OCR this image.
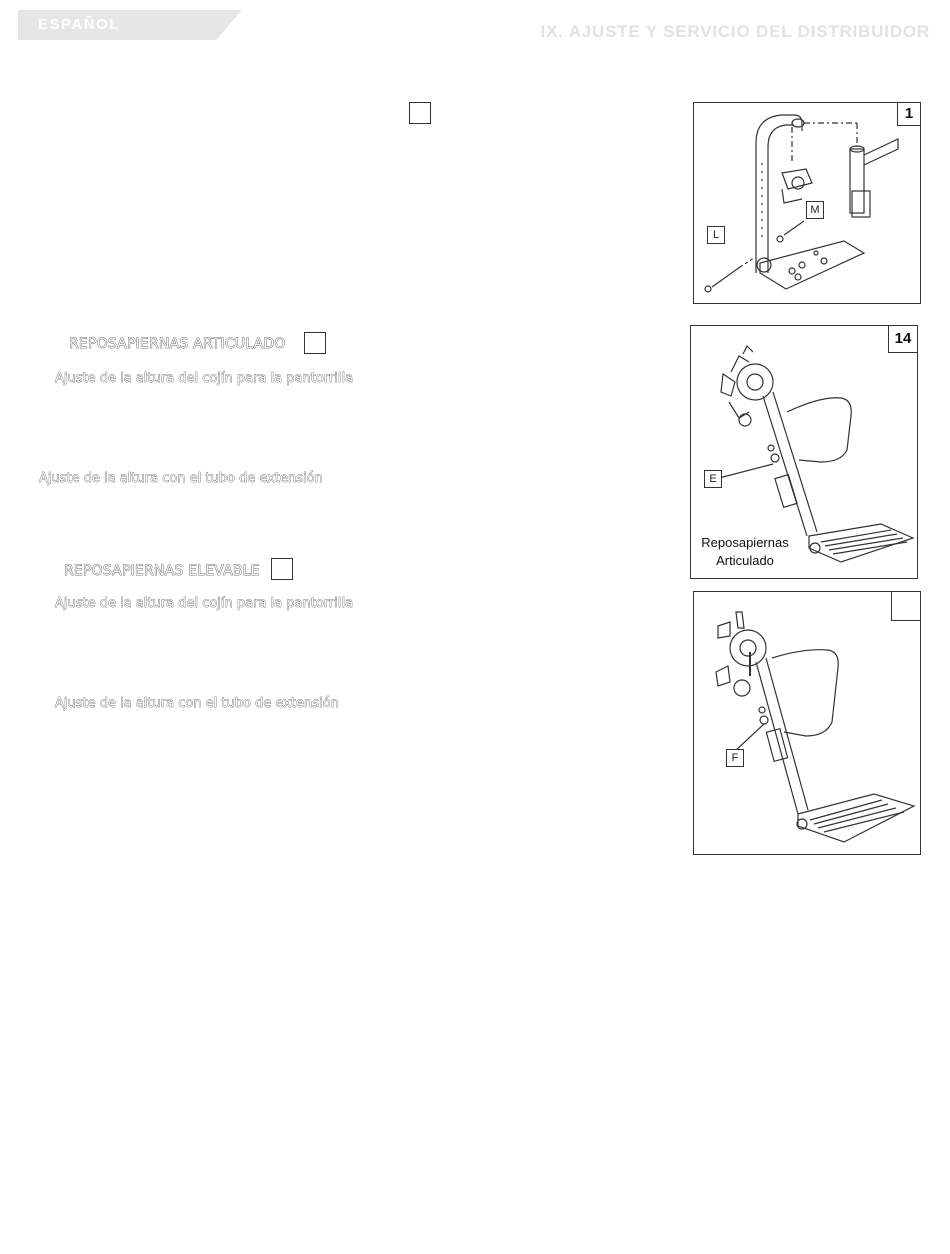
ESPAÑOL	IX. AJUSTE Y SERVICIO DEL DISTRIBUIDOR
REPOSAPIERNAS ARTICULADO
Ajuste de la altura del cojín para la pantorrilla
Ajuste de la altura con el tubo de extensión
REPOSAPIERNAS ELEVABLE
Ajuste de la altura del cojín para la pantorrilla
Ajuste de la altura con el tubo de extensión
1
L
M
14
E
Reposapiernas
Articulado
F
